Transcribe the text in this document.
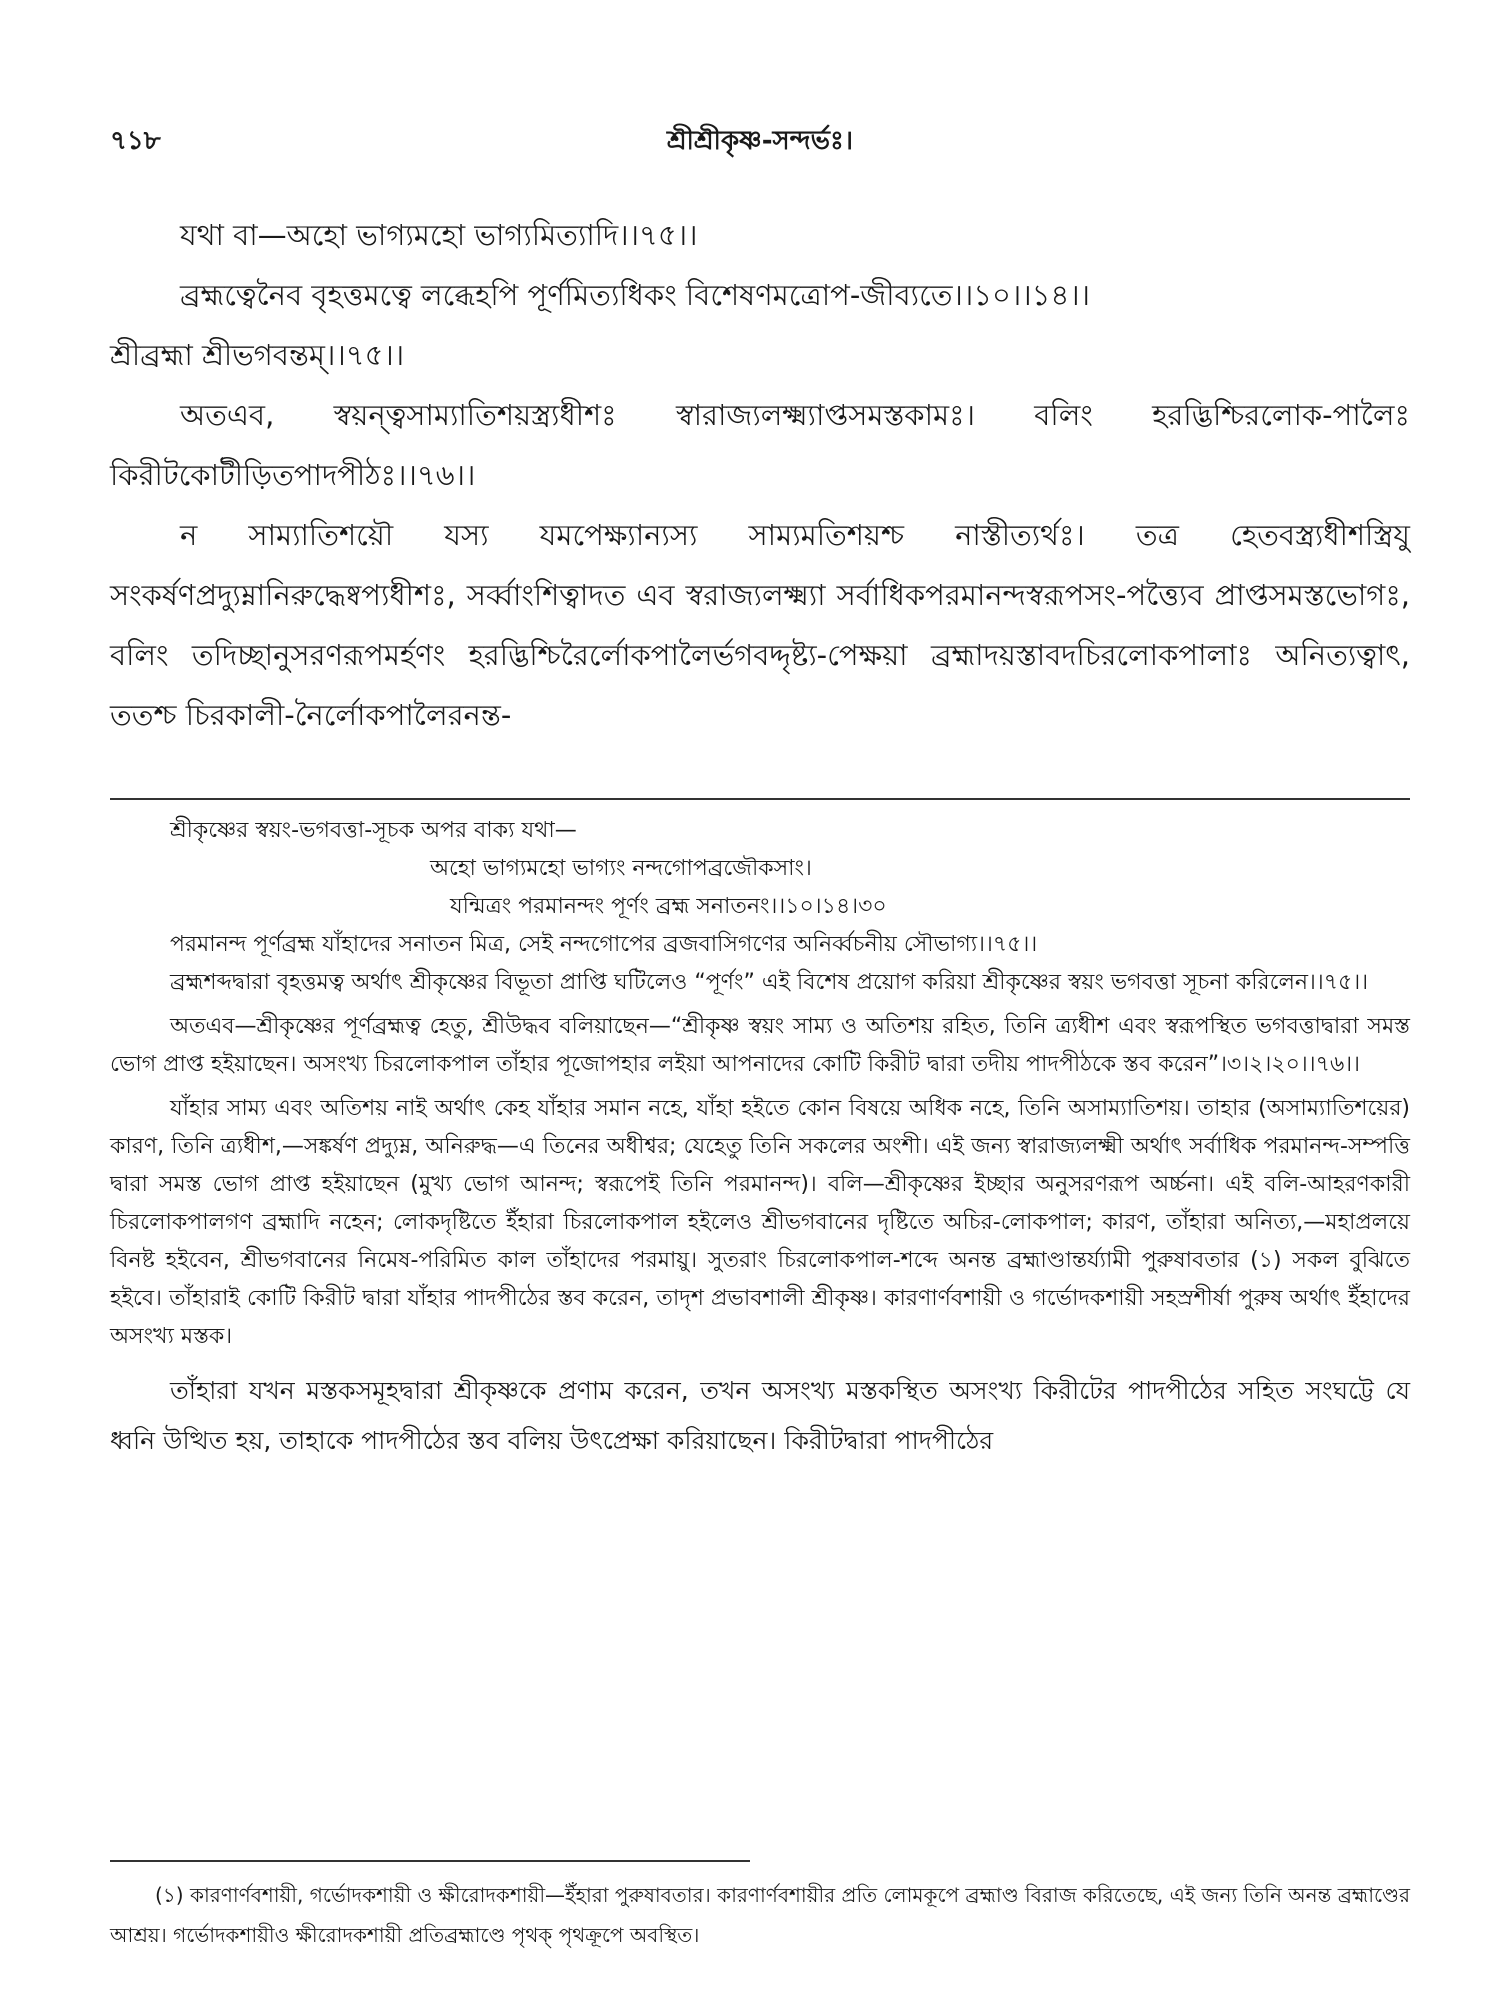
৭১৮	শ্রীশ্রীকৃষ্ণ-সন্দর্ভঃ।

যথা বা—অহো ভাগ্যমহো ভাগ্যমিত্যাদি।।৭৫।।

ব্রহ্মত্বেনৈব বৃহত্তমত্বে লব্ধেহপি পূর্ণমিত্যধিকং বিশেষণমত্রোপ-জীব্যতে।।১০।।১৪।।

শ্রীব্রহ্মা শ্রীভগবন্তম্।।৭৫।।

অতএব, স্বয়ন্ত্বসাম্যাতিশয়স্ত্র্যধীশঃ স্বারাজ্যলক্ষ্ম্যাপ্তসমস্তকামঃ। বলিং হরদ্ভিশ্চিরলোক-পালৈঃ কিরীটকোটীড়িতপাদপীঠঃ।।৭৬।।

ন সাম্যাতিশয়ৌ যস্য যমপেক্ষ্যান্যস্য সাম্যমতিশয়শ্চ নাস্তীত্যর্থঃ। তত্র হেতবস্ত্র্যধীশস্ত্রিযু সংকর্ষণপ্রদ্যুম্নানিরুদ্ধেষ্বপ্যধীশঃ, সর্ব্বাংশিত্বাদত এব স্বরাজ্যলক্ষ্ম্যা সর্বাধিকপরমানন্দস্বরূপসং-পত্ত্যৈব প্রাপ্তসমস্তভোগঃ, বলিং তদিচ্ছানুসরণরূপমর্হণং হরদ্ভিশ্চিরৈর্লোকপালৈর্ভগবদ্দৃষ্ট্য-পেক্ষয়া ব্রহ্মাদয়স্তাবদচিরলোকপালাঃ অনিত্যত্বাৎ, ততশ্চ চিরকালী-নৈর্লোকপালৈরনন্ত-

শ্রীকৃষ্ণের স্বয়ং-ভগবত্তা-সূচক অপর বাক্য যথা—

অহো ভাগ্যমহো ভাগ্যং নন্দগোপব্রজৌকসাং।

যন্মিত্রং পরমানন্দং পূর্ণং ব্রহ্ম সনাতনং।।১০।১৪।৩০

পরমানন্দ পূর্ণব্রহ্ম যাঁহাদের সনাতন মিত্র, সেই নন্দগোপের ব্রজবাসিগণের অনির্ব্বচনীয় সৌভাগ্য।।৭৫।।

ব্রহ্মশব্দদ্বারা বৃহত্তমত্ব অর্থাৎ শ্রীকৃষ্ণের বিভূতা প্রাপ্তি ঘটিলেও “পূর্ণং” এই বিশেষ প্রয়োগ করিয়া শ্রীকৃষ্ণের স্বয়ং ভগবত্তা সূচনা করিলেন।।৭৫।।

অতএব—শ্রীকৃষ্ণের পূর্ণব্রহ্মত্ব হেতু, শ্রীউদ্ধব বলিয়াছেন—“শ্রীকৃষ্ণ স্বয়ং সাম্য ও অতিশয় রহিত, তিনি ত্র্যধীশ এবং স্বরূপস্থিত ভগবত্তাদ্বারা সমস্ত ভোগ প্রাপ্ত হইয়াছেন। অসংখ্য চিরলোকপাল তাঁহার পূজোপহার লইয়া আপনাদের কোটি কিরীট দ্বারা তদীয় পাদপীঠকে স্তব করেন”।৩।২।২০।।৭৬।।

যাঁহার সাম্য এবং অতিশয় নাই অর্থাৎ কেহ যাঁহার সমান নহে, যাঁহা হইতে কোন বিষয়ে অধিক নহে, তিনি অসাম্যাতিশয়। তাহার (অসাম্যাতিশয়ের) কারণ, তিনি ত্র্যধীশ,—সঙ্কর্ষণ প্রদ্যুম্ন, অনিরুদ্ধ—এ তিনের অধীশ্বর; যেহেতু তিনি সকলের অংশী। এই জন্য স্বারাজ্যলক্ষ্মী অর্থাৎ সর্বাধিক পরমানন্দ-সম্পত্তি দ্বারা সমস্ত ভোগ প্রাপ্ত হইয়াছেন (মুখ্য ভোগ আনন্দ; স্বরূপেই তিনি পরমানন্দ)। বলি—শ্রীকৃষ্ণের ইচ্ছার অনুসরণরূপ অর্চ্চনা। এই বলি-আহরণকারী চিরলোকপালগণ ব্রহ্মাদি নহেন; লোকদৃষ্টিতে ইঁহারা চিরলোকপাল হইলেও শ্রীভগবানের দৃষ্টিতে অচির-লোকপাল; কারণ, তাঁহারা অনিত্য,—মহাপ্রলয়ে বিনষ্ট হইবেন, শ্রীভগবানের নিমেষ-পরিমিত কাল তাঁহাদের পরমায়ু। সুতরাং চিরলোকপাল-শব্দে অনন্ত ব্রহ্মাণ্ডান্তর্য্যামী পুরুষাবতার (১) সকল বুঝিতে হইবে। তাঁহারাই কোটি কিরীট দ্বারা যাঁহার পাদপীঠের স্তব করেন, তাদৃশ প্রভাবশালী শ্রীকৃষ্ণ। কারণার্ণবশায়ী ও গর্ভোদকশায়ী সহস্রশীর্ষা পুরুষ অর্থাৎ ইঁহাদের অসংখ্য মস্তক।

তাঁহারা যখন মস্তকসমূহদ্বারা শ্রীকৃষ্ণকে প্রণাম করেন, তখন অসংখ্য মস্তকস্থিত অসংখ্য কিরীটের পাদপীঠের সহিত সংঘট্টে যে ধ্বনি উত্থিত হয়, তাহাকে পাদপীঠের স্তব বলিয় উৎপ্রেক্ষা করিয়াছেন। কিরীটদ্বারা পাদপীঠের

(১) কারণার্ণবশায়ী, গর্ভোদকশায়ী ও ক্ষীরোদকশায়ী—ইঁহারা পুরুষাবতার। কারণার্ণবশায়ীর প্রতি লোমকূপে ব্রহ্মাণ্ড বিরাজ করিতেছে, এই জন্য তিনি অনন্ত ব্রহ্মাণ্ডের আশ্রয়। গর্ভোদকশায়ীও ক্ষীরোদকশায়ী প্রতিব্রহ্মাণ্ডে পৃথক্ পৃথক্রূপে অবস্থিত।
